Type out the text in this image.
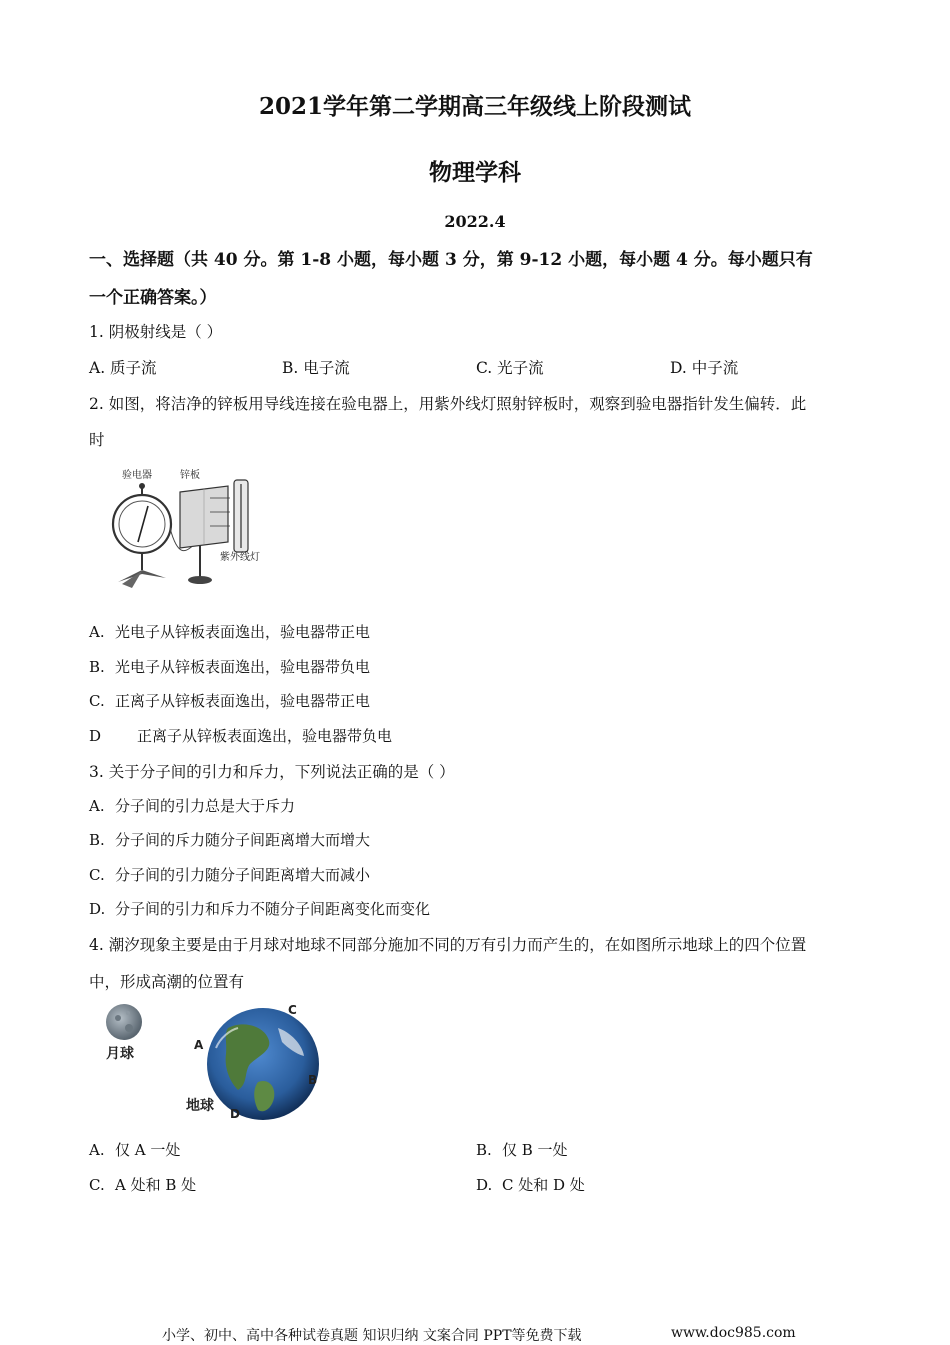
2021学年第二学期高三年级线上阶段测试
物理学科
2022.4
一、选择题（共 40 分。第 1-8 小题，每小题 3 分，第 9-12 小题，每小题 4 分。每小题只有
一个正确答案。）
1. 阴极射线是（ ）
A. 质子流	B. 电子流	C. 光子流	D. 中子流
2. 如图，将洁净的锌板用导线连接在验电器上，用紫外线灯照射锌板时，观察到验电器指针发生偏转．此
时
验电器	锌板
紫外线灯
A. 光电子从锌板表面逸出，验电器带正电
B. 光电子从锌板表面逸出，验电器带负电
C. 正离子从锌板表面逸出，验电器带正电
D 正离子从锌板表面逸出，验电器带负电
3. 关于分子间的引力和斥力，下列说法正确的是（ ）
A. 分子间的引力总是大于斥力
B. 分子间的斥力随分子间距离增大而增大
C. 分子间的引力随分子间距离增大而减小
D. 分子间的引力和斥力不随分子间距离变化而变化
4. 潮汐现象主要是由于月球对地球不同部分施加不同的万有引力而产生的，在如图所示地球上的四个位置
中，形成高潮的位置有
月球
A
B
C
D
地球
A. 仅 A 一处	B. 仅 B 一处
C. A 处和 B 处	D. C 处和 D 处
小学、初中、高中各种试卷真题 知识归纳 文案合同 PPT等免费下载	www.doc985.com
